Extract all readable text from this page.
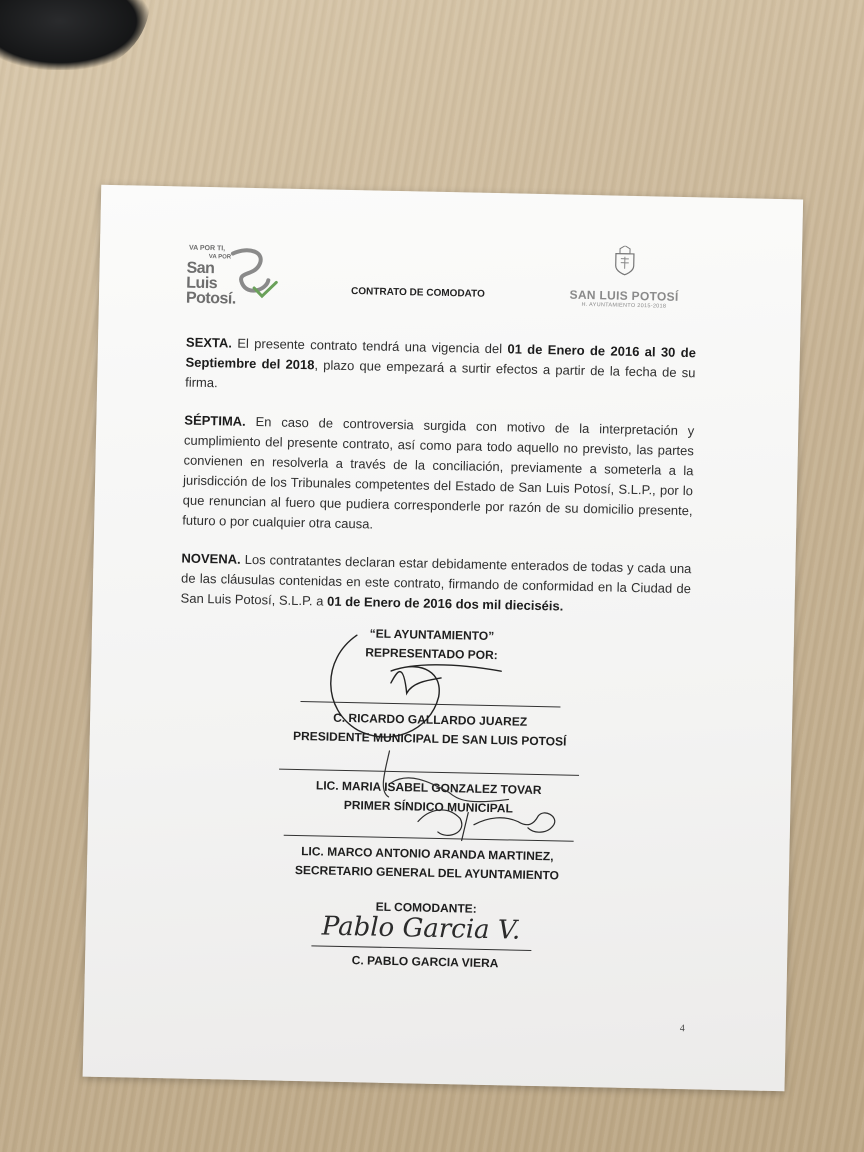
VA POR TI,
VA POR
San
Luis
Potosí.	CONTRATO DE COMODATO	SAN LUIS POTOSÍ
H. AYUNTAMIENTO 2015-2018

SEXTA. El presente contrato tendrá una vigencia del 01 de Enero de 2016 al 30 de Septiembre del 2018, plazo que empezará a surtir efectos a partir de la fecha de su firma.

SÉPTIMA. En caso de controversia surgida con motivo de la interpretación y cumplimiento del presente contrato, así como para todo aquello no previsto, las partes convienen en resolverla a través de la conciliación, previamente a someterla a la jurisdicción de los Tribunales competentes del Estado de San Luis Potosí, S.L.P., por lo que renuncian al fuero que pudiera corresponderle por razón de su domicilio presente, futuro o por cualquier otra causa.

NOVENA. Los contratantes declaran estar debidamente enterados de todas y cada una de las cláusulas contenidas en este contrato, firmando de conformidad en la Ciudad de San Luis Potosí, S.L.P. a 01 de Enero de 2016 dos mil dieciséis.

“EL AYUNTAMIENTO”
REPRESENTADO POR:
C. RICARDO GALLARDO JUAREZ
PRESIDENTE MUNICIPAL DE SAN LUIS POTOSÍ
LIC. MARIA ISABEL GONZALEZ TOVAR
PRIMER SÍNDICO MUNICIPAL
LIC. MARCO ANTONIO ARANDA MARTINEZ,
SECRETARIO GENERAL DEL AYUNTAMIENTO
EL COMODANTE:
C. PABLO GARCIA VIERA
Pablo Garcia V.
4
